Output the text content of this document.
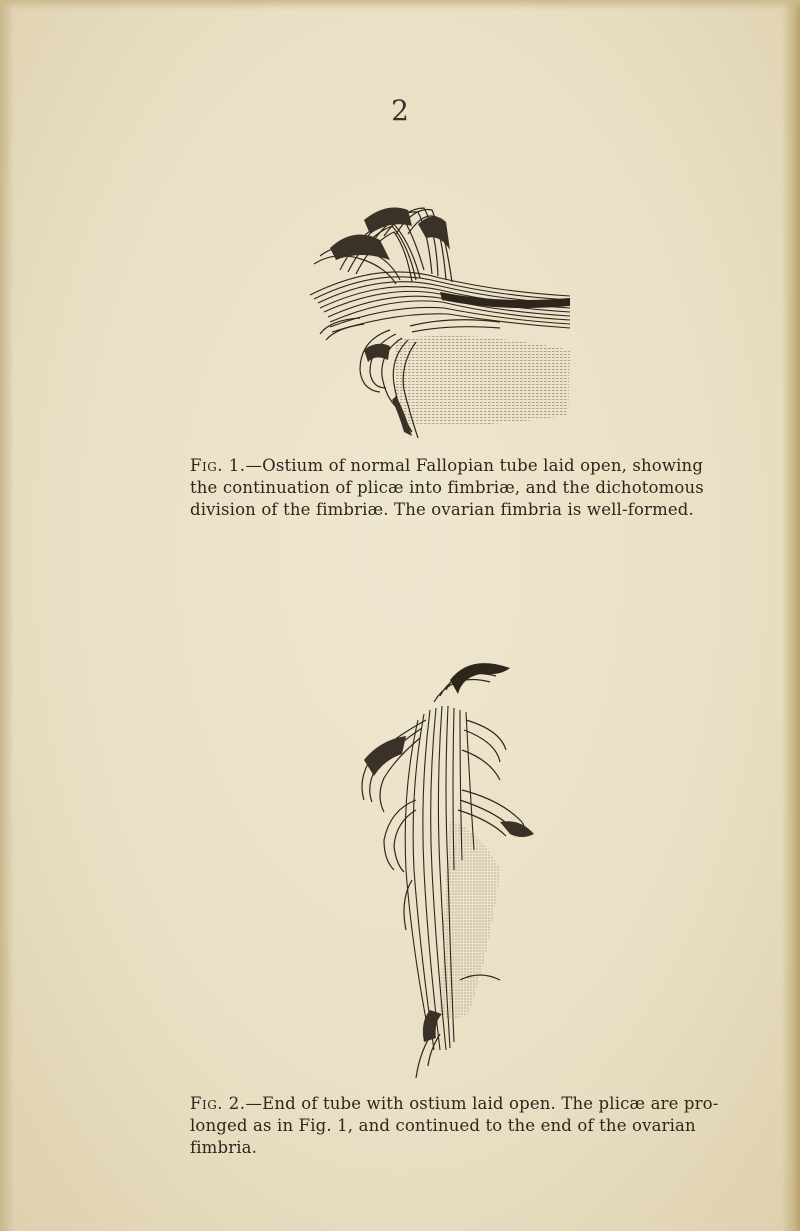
2
Fig. 1.—Ostium of normal Fallopian tube laid open, showing
the continuation of plicæ into fimbriæ, and the dichotomous
division of the fimbriæ. The ovarian fimbria is well-formed.
Fig. 2.—End of tube with ostium laid open. The plicæ are pro-
longed as in Fig. 1, and continued to the end of the ovarian
fimbria.
